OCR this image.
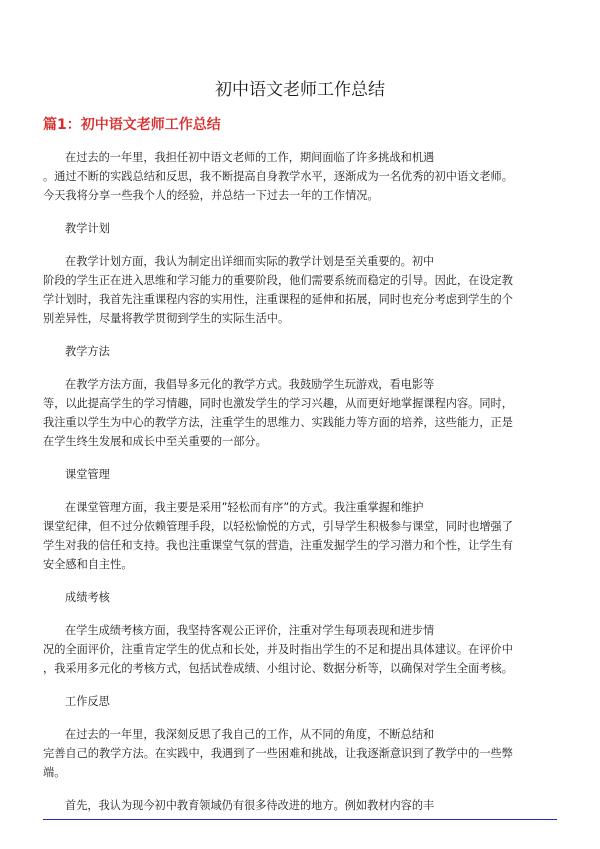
初中语文老师工作总结
篇1：初中语文老师工作总结

在过去的一年里，我担任初中语文老师的工作，期间面临了许多挑战和机遇
。通过不断的实践总结和反思，我不断提高自身教学水平，逐渐成为一名优秀的初中语文老师。
今天我将分享一些我个人的经验，并总结一下过去一年的工作情况。

教学计划

在教学计划方面，我认为制定出详细而实际的教学计划是至关重要的。初中
阶段的学生正在进入思维和学习能力的重要阶段，他们需要系统而稳定的引导。因此，在设定教
学计划时，我首先注重课程内容的实用性，注重课程的延伸和拓展，同时也充分考虑到学生的个
别差异性，尽量将教学贯彻到学生的实际生活中。

教学方法

在教学方法方面，我倡导多元化的教学方式。我鼓励学生玩游戏，看电影等
等，以此提高学生的学习情趣，同时也激发学生的学习兴趣，从而更好地掌握课程内容。同时，
我注重以学生为中心的教学方法，注重学生的思维力、实践能力等方面的培养，这些能力，正是
在学生终生发展和成长中至关重要的一部分。

课堂管理

在课堂管理方面，我主要是采用”轻松而有序”的方式。我注重掌握和维护
课堂纪律，但不过分依赖管理手段，以轻松愉悦的方式，引导学生积极参与课堂，同时也增强了
学生对我的信任和支持。我也注重课堂气氛的营造，注重发掘学生的学习潜力和个性，让学生有
安全感和自主性。

成绩考核

在学生成绩考核方面，我坚持客观公正评价，注重对学生每项表现和进步情
况的全面评价，注重肯定学生的优点和长处，并及时指出学生的不足和提出具体建议。在评价中
，我采用多元化的考核方式，包括试卷成绩、小组讨论、数据分析等，以确保对学生全面考核。

工作反思

在过去的一年里，我深刻反思了我自己的工作，从不同的角度，不断总结和
完善自己的教学方法。在实践中，我遇到了一些困难和挑战，让我逐渐意识到了教学中的一些弊
端。

首先，我认为现今初中教育领域仍有很多待改进的地方。例如教材内容的丰
